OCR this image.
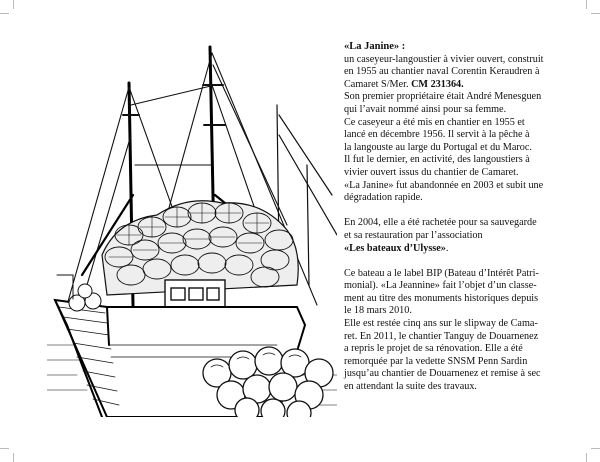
«La Janine» :

un caseyeur-langoustier à vivier ouvert, construit

en 1955 au chantier naval Corentin Keraudren à

Camaret S/Mer. CM 231364.

Son premier propriétaire était André Menesguen

qui l’avait nommé ainsi pour sa femme.

Ce caseyeur a été mis en chantier en 1955 et

lancé en décembre 1956. Il servit à la pêche à

la langouste au large du Portugal et du Maroc.

Il fut le dernier, en activité, des langoustiers à

vivier ouvert issus du chantier de Camaret.

«La Janine» fut abandonnée en 2003 et subit une

dégradation rapide.

En 2004, elle a été rachetée pour sa sauvegarde

et sa restauration par l’association

«Les bateaux d’Ulysse».

Ce bateau a le label BIP (Bateau d’Intérêt Patri-

monial). «La Jeannine» fait l’objet d’un classe-

ment au titre des monuments historiques depuis

le 18 mars 2010.

Elle est restée cinq ans sur le slipway de Cama-

ret. En 2011, le chantier Tanguy de Douarnenez

a repris le projet de sa rénovation. Elle a été

remorquée par la vedette SNSM Penn Sardin

jusqu’au chantier de Douarnenez et remise à sec

en attendant la suite des travaux.
